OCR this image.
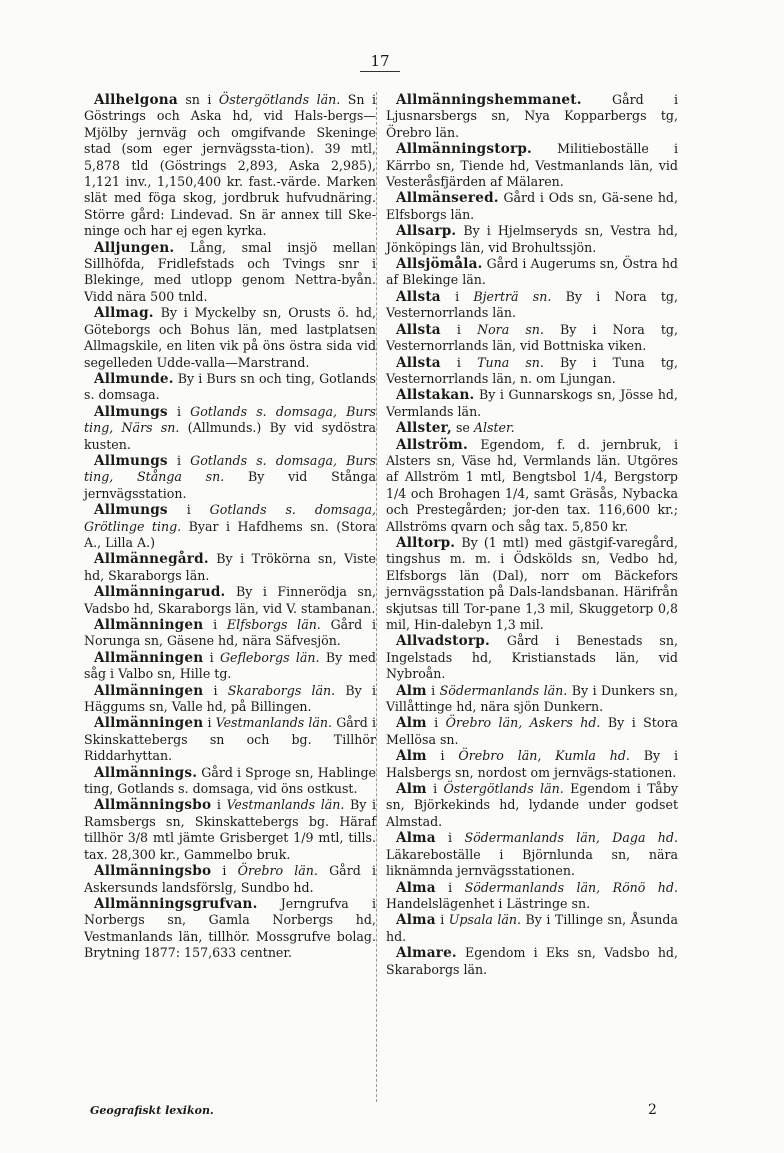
17

Allhelgona sn i Östergötlands län. Sn i Göstrings och Aska hd, vid Hals-bergs—Mjölby jernväg och omgifvande Skeninge stad (som eger jernvägssta-tion). 39 mtl, 5,878 tld (Göstrings 2,893, Aska 2,985), 1,121 inv., 1,150,400 kr. fast.-värde. Marken slät med föga skog, jordbruk hufvudnäring. Större gård: Lindevad. Sn är annex till Ske-ninge och har ej egen kyrka.

Alljungen. Lång, smal insjö mellan Sillhöfda, Fridlefstads och Tvings snr i Blekinge, med utlopp genom Nettra-byån. Vidd nära 500 tnld.

Allmag. By i Myckelby sn, Orusts ö. hd, Göteborgs och Bohus län, med lastplatsen Allmagskile, en liten vik på öns östra sida vid segelleden Udde-valla—Marstrand.

Allmunde. By i Burs sn och ting, Gotlands s. domsaga.

Allmungs i Gotlands s. domsaga, Burs ting, Närs sn. (Allmunds.) By vid sydöstra kusten.

Allmungs i Gotlands s. domsaga, Burs ting, Stånga sn. By vid Stånga jernvägsstation.

Allmungs i Gotlands s. domsaga, Grötlinge ting. Byar i Hafdhems sn. (Stora A., Lilla A.)

Allmännegård. By i Trökörna sn, Viste hd, Skaraborgs län.

Allmänningarud. By i Finnerödja sn, Vadsbo hd, Skaraborgs län, vid V. stambanan.

Allmänningen i Elfsborgs län. Gård i Norunga sn, Gäsene hd, nära Säfvesjön.

Allmänningen i Gefleborgs län. By med såg i Valbo sn, Hille tg.

Allmänningen i Skaraborgs län. By i Häggums sn, Valle hd, på Billingen.

Allmänningen i Vestmanlands län. Gård i Skinskattebergs sn och bg. Tillhör Riddarhyttan.

Allmännings. Gård i Sproge sn, Hablinge ting, Gotlands s. domsaga, vid öns ostkust.

Allmänningsbo i Vestmanlands län. By i Ramsbergs sn, Skinskattebergs bg. Häraf tillhör 3/8 mtl jämte Grisberget 1/9 mtl, tills. tax. 28,300 kr., Gammelbo bruk.

Allmänningsbo i Örebro län. Gård i Askersunds landsförslg, Sundbo hd.

Allmänningsgrufvan. Jerngrufva i Norbergs sn, Gamla Norbergs hd, Vestmanlands län, tillhör. Mossgrufve bolag. Brytning 1877: 157,633 centner.

Allmänningshemmanet. Gård i Ljusnarsbergs sn, Nya Kopparbergs tg, Örebro län.

Allmänningstorp. Militieboställe i Kärrbo sn, Tiende hd, Vestmanlands län, vid Vesteråsfjärden af Mälaren.

Allmänsered. Gård i Ods sn, Gä-sene hd, Elfsborgs län.

Allsarp. By i Hjelmseryds sn, Vestra hd, Jönköpings län, vid Brohultssjön.

Allsjömåla. Gård i Augerums sn, Östra hd af Blekinge län.

Allsta i Bjerträ sn. By i Nora tg, Vesternorrlands län.

Allsta i Nora sn. By i Nora tg, Vesternorrlands län, vid Bottniska viken.

Allsta i Tuna sn. By i Tuna tg, Vesternorrlands län, n. om Ljungan.

Allstakan. By i Gunnarskogs sn, Jösse hd, Vermlands län.

Allster, se Alster.

Allström. Egendom, f. d. jernbruk, i Alsters sn, Väse hd, Vermlands län. Utgöres af Allström 1 mtl, Bengtsbol 1/4, Bergstorp 1/4 och Brohagen 1/4, samt Gräsås, Nybacka och Prestegården; jor-den tax. 116,600 kr.; Allströms qvarn och såg tax. 5,850 kr.

Alltorp. By (1 mtl) med gästgif-varegård, tingshus m. m. i Ödskölds sn, Vedbo hd, Elfsborgs län (Dal), norr om Bäckefors jernvägsstation på Dals-landsbanan. Härifrån skjutsas till Tor-pane 1,3 mil, Skuggetorp 0,8 mil, Hin-dalebyn 1,3 mil.

Allvadstorp. Gård i Benestads sn, Ingelstads hd, Kristianstads län, vid Nybroån.

Alm i Södermanlands län. By i Dunkers sn, Villåttinge hd, nära sjön Dunkern.

Alm i Örebro län, Askers hd. By i Stora Mellösa sn.

Alm i Örebro län, Kumla hd. By i Halsbergs sn, nordost om jernvägs-stationen.

Alm i Östergötlands län. Egendom i Tåby sn, Björkekinds hd, lydande under godset Almstad.

Alma i Södermanlands län, Daga hd. Läkareboställe i Björnlunda sn, nära liknämnda jernvägsstationen.

Alma i Södermanlands län, Rönö hd. Handelslägenhet i Lästringe sn.

Alma i Upsala län. By i Tillinge sn, Åsunda hd.

Almare. Egendom i Eks sn, Vadsbo hd, Skaraborgs län.

Geografiskt lexikon.	2
